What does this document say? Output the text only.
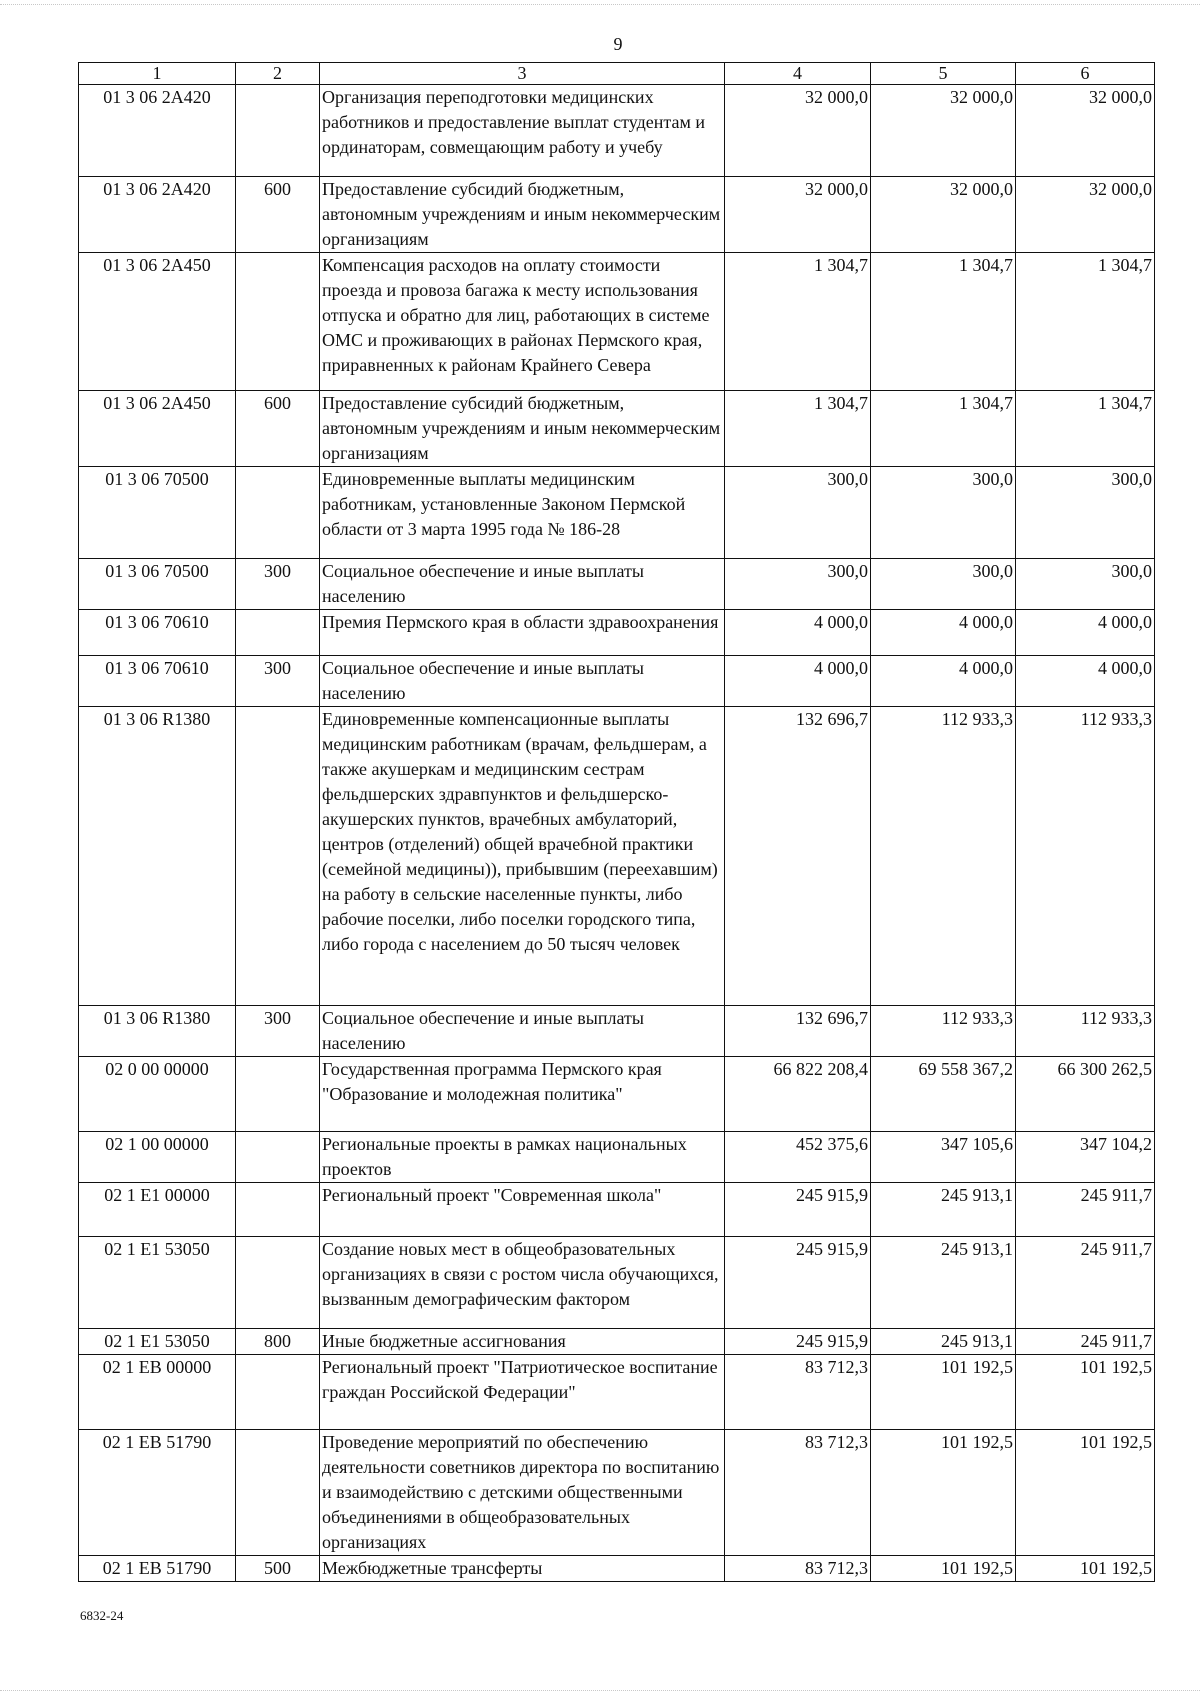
9
1	2	3	4	5	6
01 3 06 2А420		Организация переподготовки медицинских работников и предоставление выплат студентам и ординаторам, совмещающим работу и учебу	32 000,0	32 000,0	32 000,0
01 3 06 2А420	600	Предоставление субсидий бюджетным, автономным учреждениям и иным некоммерческим организациям	32 000,0	32 000,0	32 000,0
01 3 06 2А450		Компенсация расходов на оплату стоимости проезда и провоза багажа к месту использования отпуска и обратно для лиц, работающих в системе ОМС и проживающих в районах Пермского края, приравненных к районам Крайнего Севера	1 304,7	1 304,7	1 304,7
01 3 06 2А450	600	Предоставление субсидий бюджетным, автономным учреждениям и иным некоммерческим организациям	1 304,7	1 304,7	1 304,7
01 3 06 70500		Единовременные выплаты медицинским работникам, установленные Законом Пермской области от 3 марта 1995 года № 186-28	300,0	300,0	300,0
01 3 06 70500	300	Социальное обеспечение и иные выплаты населению	300,0	300,0	300,0
01 3 06 70610		Премия Пермского края в области здравоохранения	4 000,0	4 000,0	4 000,0
01 3 06 70610	300	Социальное обеспечение и иные выплаты населению	4 000,0	4 000,0	4 000,0
01 3 06 R1380		Единовременные компенсационные выплаты медицинским работникам (врачам, фельдшерам, а также акушеркам и медицинским сестрам фельдшерских здравпунктов и фельдшерско-акушерских пунктов, врачебных амбулаторий, центров (отделений) общей врачебной практики (семейной медицины)), прибывшим (переехавшим) на работу в сельские населенные пункты, либо рабочие поселки, либо поселки городского типа, либо города с населением до 50 тысяч человек	132 696,7	112 933,3	112 933,3
01 3 06 R1380	300	Социальное обеспечение и иные выплаты населению	132 696,7	112 933,3	112 933,3
02 0 00 00000		Государственная программа Пермского края "Образование и молодежная политика"	66 822 208,4	69 558 367,2	66 300 262,5
02 1 00 00000		Региональные проекты в рамках национальных проектов	452 375,6	347 105,6	347 104,2
02 1 Е1 00000		Региональный проект "Современная школа"	245 915,9	245 913,1	245 911,7
02 1 Е1 53050		Создание новых мест в общеобразовательных организациях в связи с ростом числа обучающихся, вызванным демографическим фактором	245 915,9	245 913,1	245 911,7
02 1 Е1 53050	800	Иные бюджетные ассигнования	245 915,9	245 913,1	245 911,7
02 1 ЕВ 00000		Региональный проект "Патриотическое воспитание граждан Российской Федерации"	83 712,3	101 192,5	101 192,5
02 1 ЕВ 51790		Проведение мероприятий по обеспечению деятельности советников директора по воспитанию и взаимодействию с детскими общественными объединениями в общеобразовательных организациях	83 712,3	101 192,5	101 192,5
02 1 ЕВ 51790	500	Межбюджетные трансферты	83 712,3	101 192,5	101 192,5
6832-24
